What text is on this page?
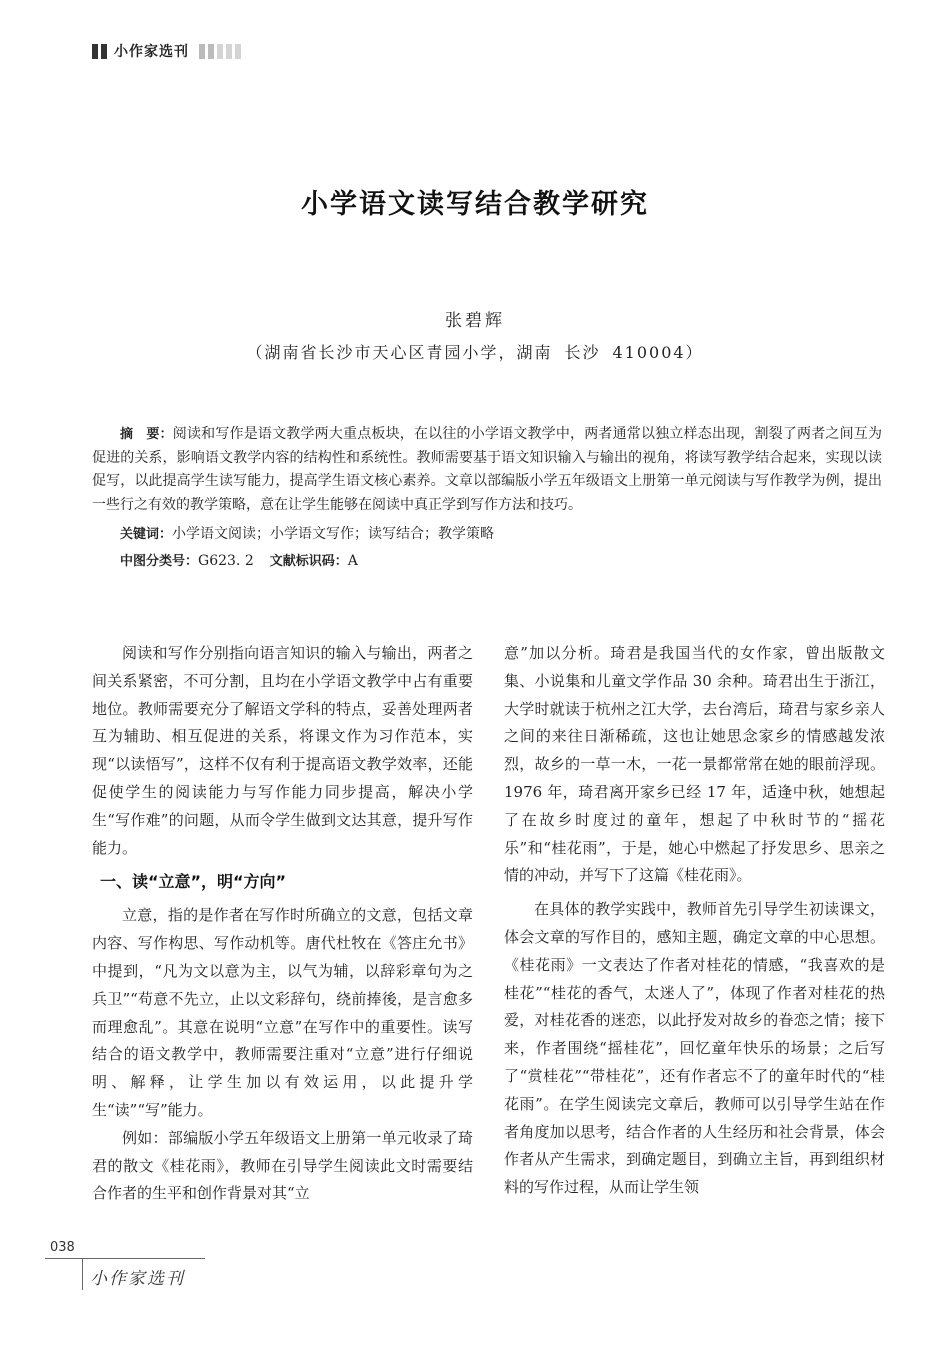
小作家选刊
小学语文读写结合教学研究
张碧辉
（湖南省长沙市天心区青园小学，湖南 长沙 410004）

摘　要：阅读和写作是语文教学两大重点板块，在以往的小学语文教学中，两者通常以独立样态出现，割裂了两者之间互为促进的关系，影响语文教学内容的结构性和系统性。教师需要基于语文知识输入与输出的视角，将读写教学结合起来，实现以读促写，以此提高学生读写能力，提高学生语文核心素养。文章以部编版小学五年级语文上册第一单元阅读与写作教学为例，提出一些行之有效的教学策略，意在让学生能够在阅读中真正学到写作方法和技巧。

关键词：小学语文阅读；小学语文写作；读写结合；教学策略
中图分类号：G623. 2 文献标识码：A

阅读和写作分别指向语言知识的输入与输出，两者之间关系紧密，不可分割，且均在小学语文教学中占有重要地位。教师需要充分了解语文学科的特点，妥善处理两者互为辅助、相互促进的关系，将课文作为习作范本，实现“以读悟写”，这样不仅有利于提高语文教学效率，还能促使学生的阅读能力与写作能力同步提高，解决小学生“写作难”的问题，从而令学生做到文达其意，提升写作能力。

一、读“立意”，明“方向”

立意，指的是作者在写作时所确立的文意，包括文章内容、写作构思、写作动机等。唐代杜牧在《答庄允书》中提到，“凡为文以意为主，以气为辅，以辞彩章句为之兵卫”“苟意不先立，止以文彩辞句，绕前捧後，是言愈多而理愈乱”。其意在说明“立意”在写作中的重要性。读写结合的语文教学中，教师需要注重对“立意”进行仔细说明、解释，让学生加以有效运用，以此提升学生“读”“写”能力。

例如：部编版小学五年级语文上册第一单元收录了琦君的散文《桂花雨》，教师在引导学生阅读此文时需要结合作者的生平和创作背景对其“立

意”加以分析。琦君是我国当代的女作家，曾出版散文集、小说集和儿童文学作品 30 余种。琦君出生于浙江，大学时就读于杭州之江大学，去台湾后，琦君与家乡亲人之间的来往日渐稀疏，这也让她思念家乡的情感越发浓烈，故乡的一草一木，一花一景都常常在她的眼前浮现。1976 年，琦君离开家乡已经 17 年，适逢中秋，她想起了在故乡时度过的童年，想起了中秋时节的“摇花乐”和“桂花雨”，于是，她心中燃起了抒发思乡、思亲之情的冲动，并写下了这篇《桂花雨》。

在具体的教学实践中，教师首先引导学生初读课文，体会文章的写作目的，感知主题，确定文章的中心思想。《桂花雨》一文表达了作者对桂花的情感，“我喜欢的是桂花”“桂花的香气，太迷人了”，体现了作者对桂花的热爱，对桂花香的迷恋，以此抒发对故乡的眷恋之情；接下来，作者围绕“摇桂花”，回忆童年快乐的场景；之后写了“赏桂花”“带桂花”，还有作者忘不了的童年时代的“桂花雨”。在学生阅读完文章后，教师可以引导学生站在作者角度加以思考，结合作者的人生经历和社会背景，体会作者从产生需求，到确定题目，到确立主旨，再到组织材料的写作过程，从而让学生领

038
小作家选刊
